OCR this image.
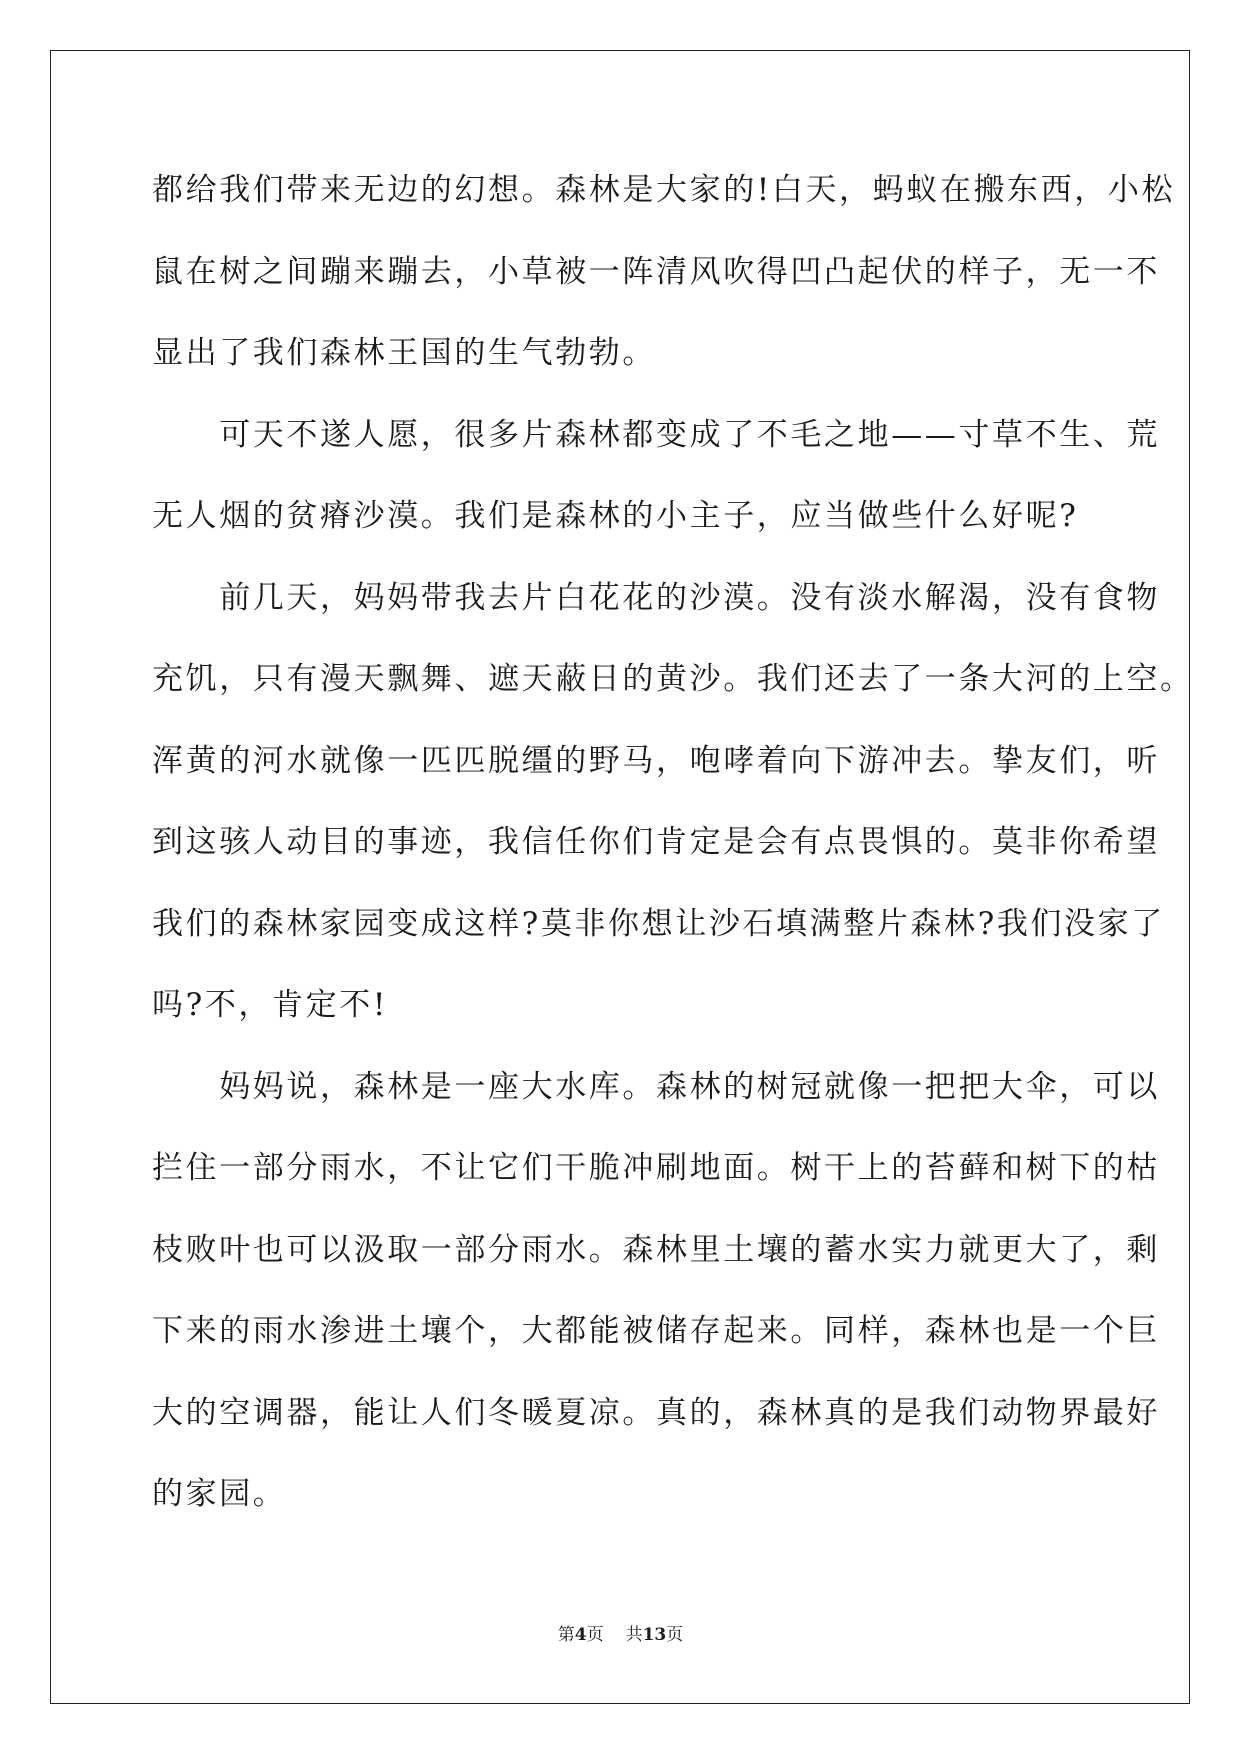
都给我们带来无边的幻想。森林是大家的!白天，蚂蚁在搬东西，小松
鼠在树之间蹦来蹦去，小草被一阵清风吹得凹凸起伏的样子，无一不
显出了我们森林王国的生气勃勃。
　　可天不遂人愿，很多片森林都变成了不毛之地——寸草不生、荒
无人烟的贫瘠沙漠。我们是森林的小主子，应当做些什么好呢?
　　前几天，妈妈带我去片白花花的沙漠。没有淡水解渴，没有食物
充饥，只有漫天飘舞、遮天蔽日的黄沙。我们还去了一条大河的上空。
浑黄的河水就像一匹匹脱缰的野马，咆哮着向下游冲去。挚友们，听
到这骇人动目的事迹，我信任你们肯定是会有点畏惧的。莫非你希望
我们的森林家园变成这样?莫非你想让沙石填满整片森林?我们没家了
吗?不，肯定不!
　　妈妈说，森林是一座大水库。森林的树冠就像一把把大伞，可以
拦住一部分雨水，不让它们干脆冲刷地面。树干上的苔藓和树下的枯
枝败叶也可以汲取一部分雨水。森林里土壤的蓄水实力就更大了，剩
下来的雨水渗进土壤个，大都能被储存起来。同样，森林也是一个巨
大的空调器，能让人们冬暖夏凉。真的，森林真的是我们动物界最好
的家园。
第4页 共13页
